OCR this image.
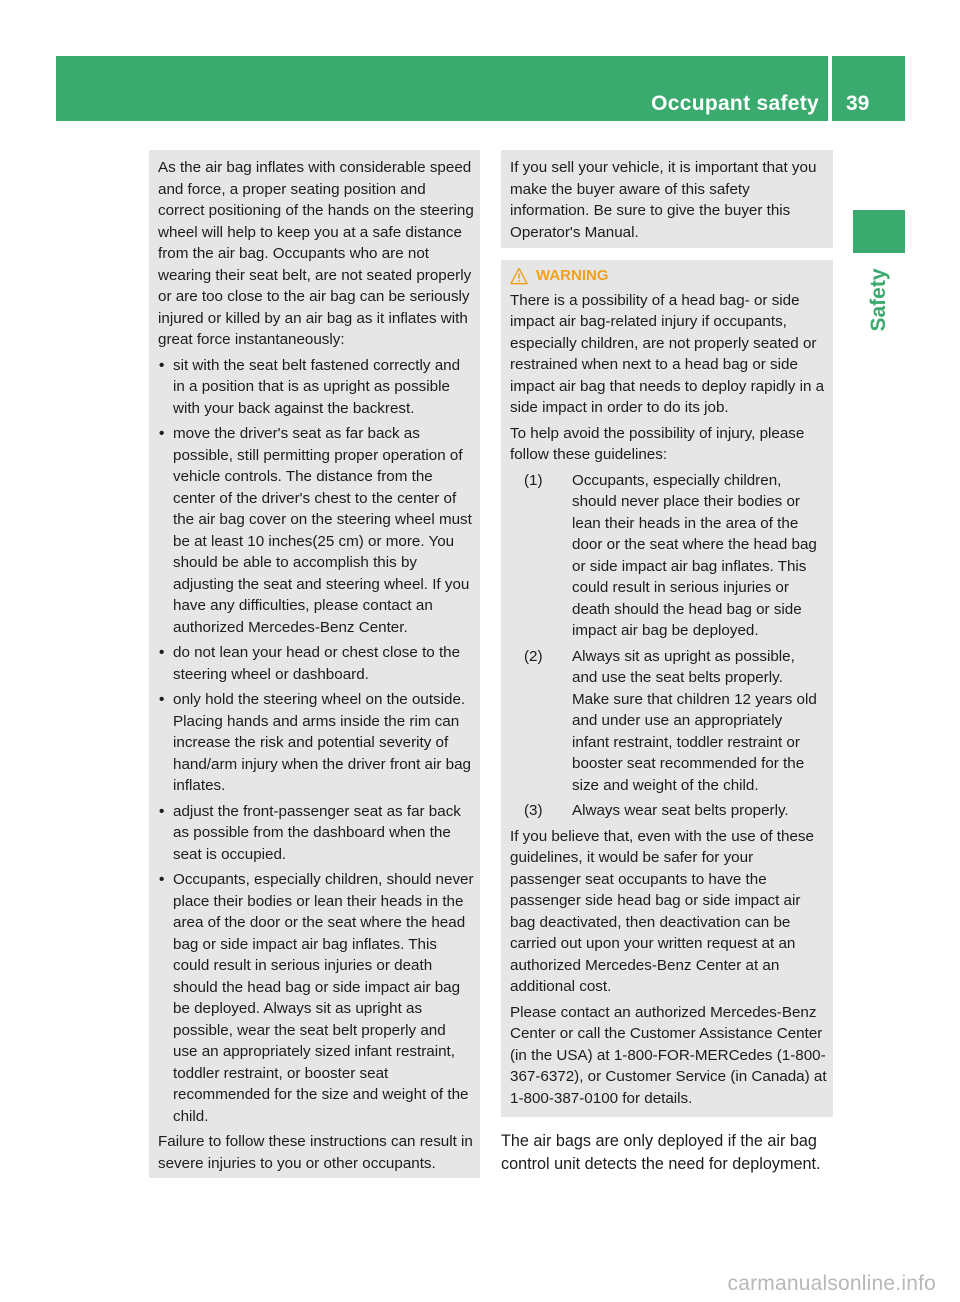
Occupant safety 39
Safety

As the air bag inflates with considerable speed and force, a proper seating position and correct positioning of the hands on the steering wheel will help to keep you at a safe distance from the air bag. Occupants who are not wearing their seat belt, are not seated properly or are too close to the air bag can be seriously injured or killed by an air bag as it inflates with great force instantaneously:

• sit with the seat belt fastened correctly and in a position that is as upright as possible with your back against the backrest.
• move the driver's seat as far back as possible, still permitting proper operation of vehicle controls. The distance from the center of the driver's chest to the center of the air bag cover on the steering wheel must be at least 10 inches(25 cm) or more. You should be able to accomplish this by adjusting the seat and steering wheel. If you have any difficulties, please contact an authorized Mercedes-Benz Center.
• do not lean your head or chest close to the steering wheel or dashboard.
• only hold the steering wheel on the outside. Placing hands and arms inside the rim can increase the risk and potential severity of hand/arm injury when the driver front air bag inflates.
• adjust the front-passenger seat as far back as possible from the dashboard when the seat is occupied.
• Occupants, especially children, should never place their bodies or lean their heads in the area of the door or the seat where the head bag or side impact air bag inflates. This could result in serious injuries or death should the head bag or side impact air bag be deployed. Always sit as upright as possible, wear the seat belt properly and use an appropriately sized infant restraint, toddler restraint, or booster seat recommended for the size and weight of the child.

Failure to follow these instructions can result in severe injuries to you or other occupants.

If you sell your vehicle, it is important that you make the buyer aware of this safety information. Be sure to give the buyer this Operator's Manual.

WARNING

There is a possibility of a head bag- or side impact air bag-related injury if occupants, especially children, are not properly seated or restrained when next to a head bag or side impact air bag that needs to deploy rapidly in a side impact in order to do its job.

To help avoid the possibility of injury, please follow these guidelines:

(1)	Occupants, especially children, should never place their bodies or lean their heads in the area of the door or the seat where the head bag or side impact air bag inflates. This could result in serious injuries or death should the head bag or side impact air bag be deployed.
(2)	Always sit as upright as possible, and use the seat belts properly. Make sure that children 12 years old and under use an appropriately infant restraint, toddler restraint or booster seat recommended for the size and weight of the child.
(3)	Always wear seat belts properly.

If you believe that, even with the use of these guidelines, it would be safer for your passenger seat occupants to have the passenger side head bag or side impact air bag deactivated, then deactivation can be carried out upon your written request at an authorized Mercedes-Benz Center at an additional cost.

Please contact an authorized Mercedes-Benz Center or call the Customer Assistance Center (in the USA) at 1-800-FOR-MERCedes (1-800-367-6372), or Customer Service (in Canada) at 1-800-387-0100 for details.

The air bags are only deployed if the air bag control unit detects the need for deployment.

carmanualsonline.info
